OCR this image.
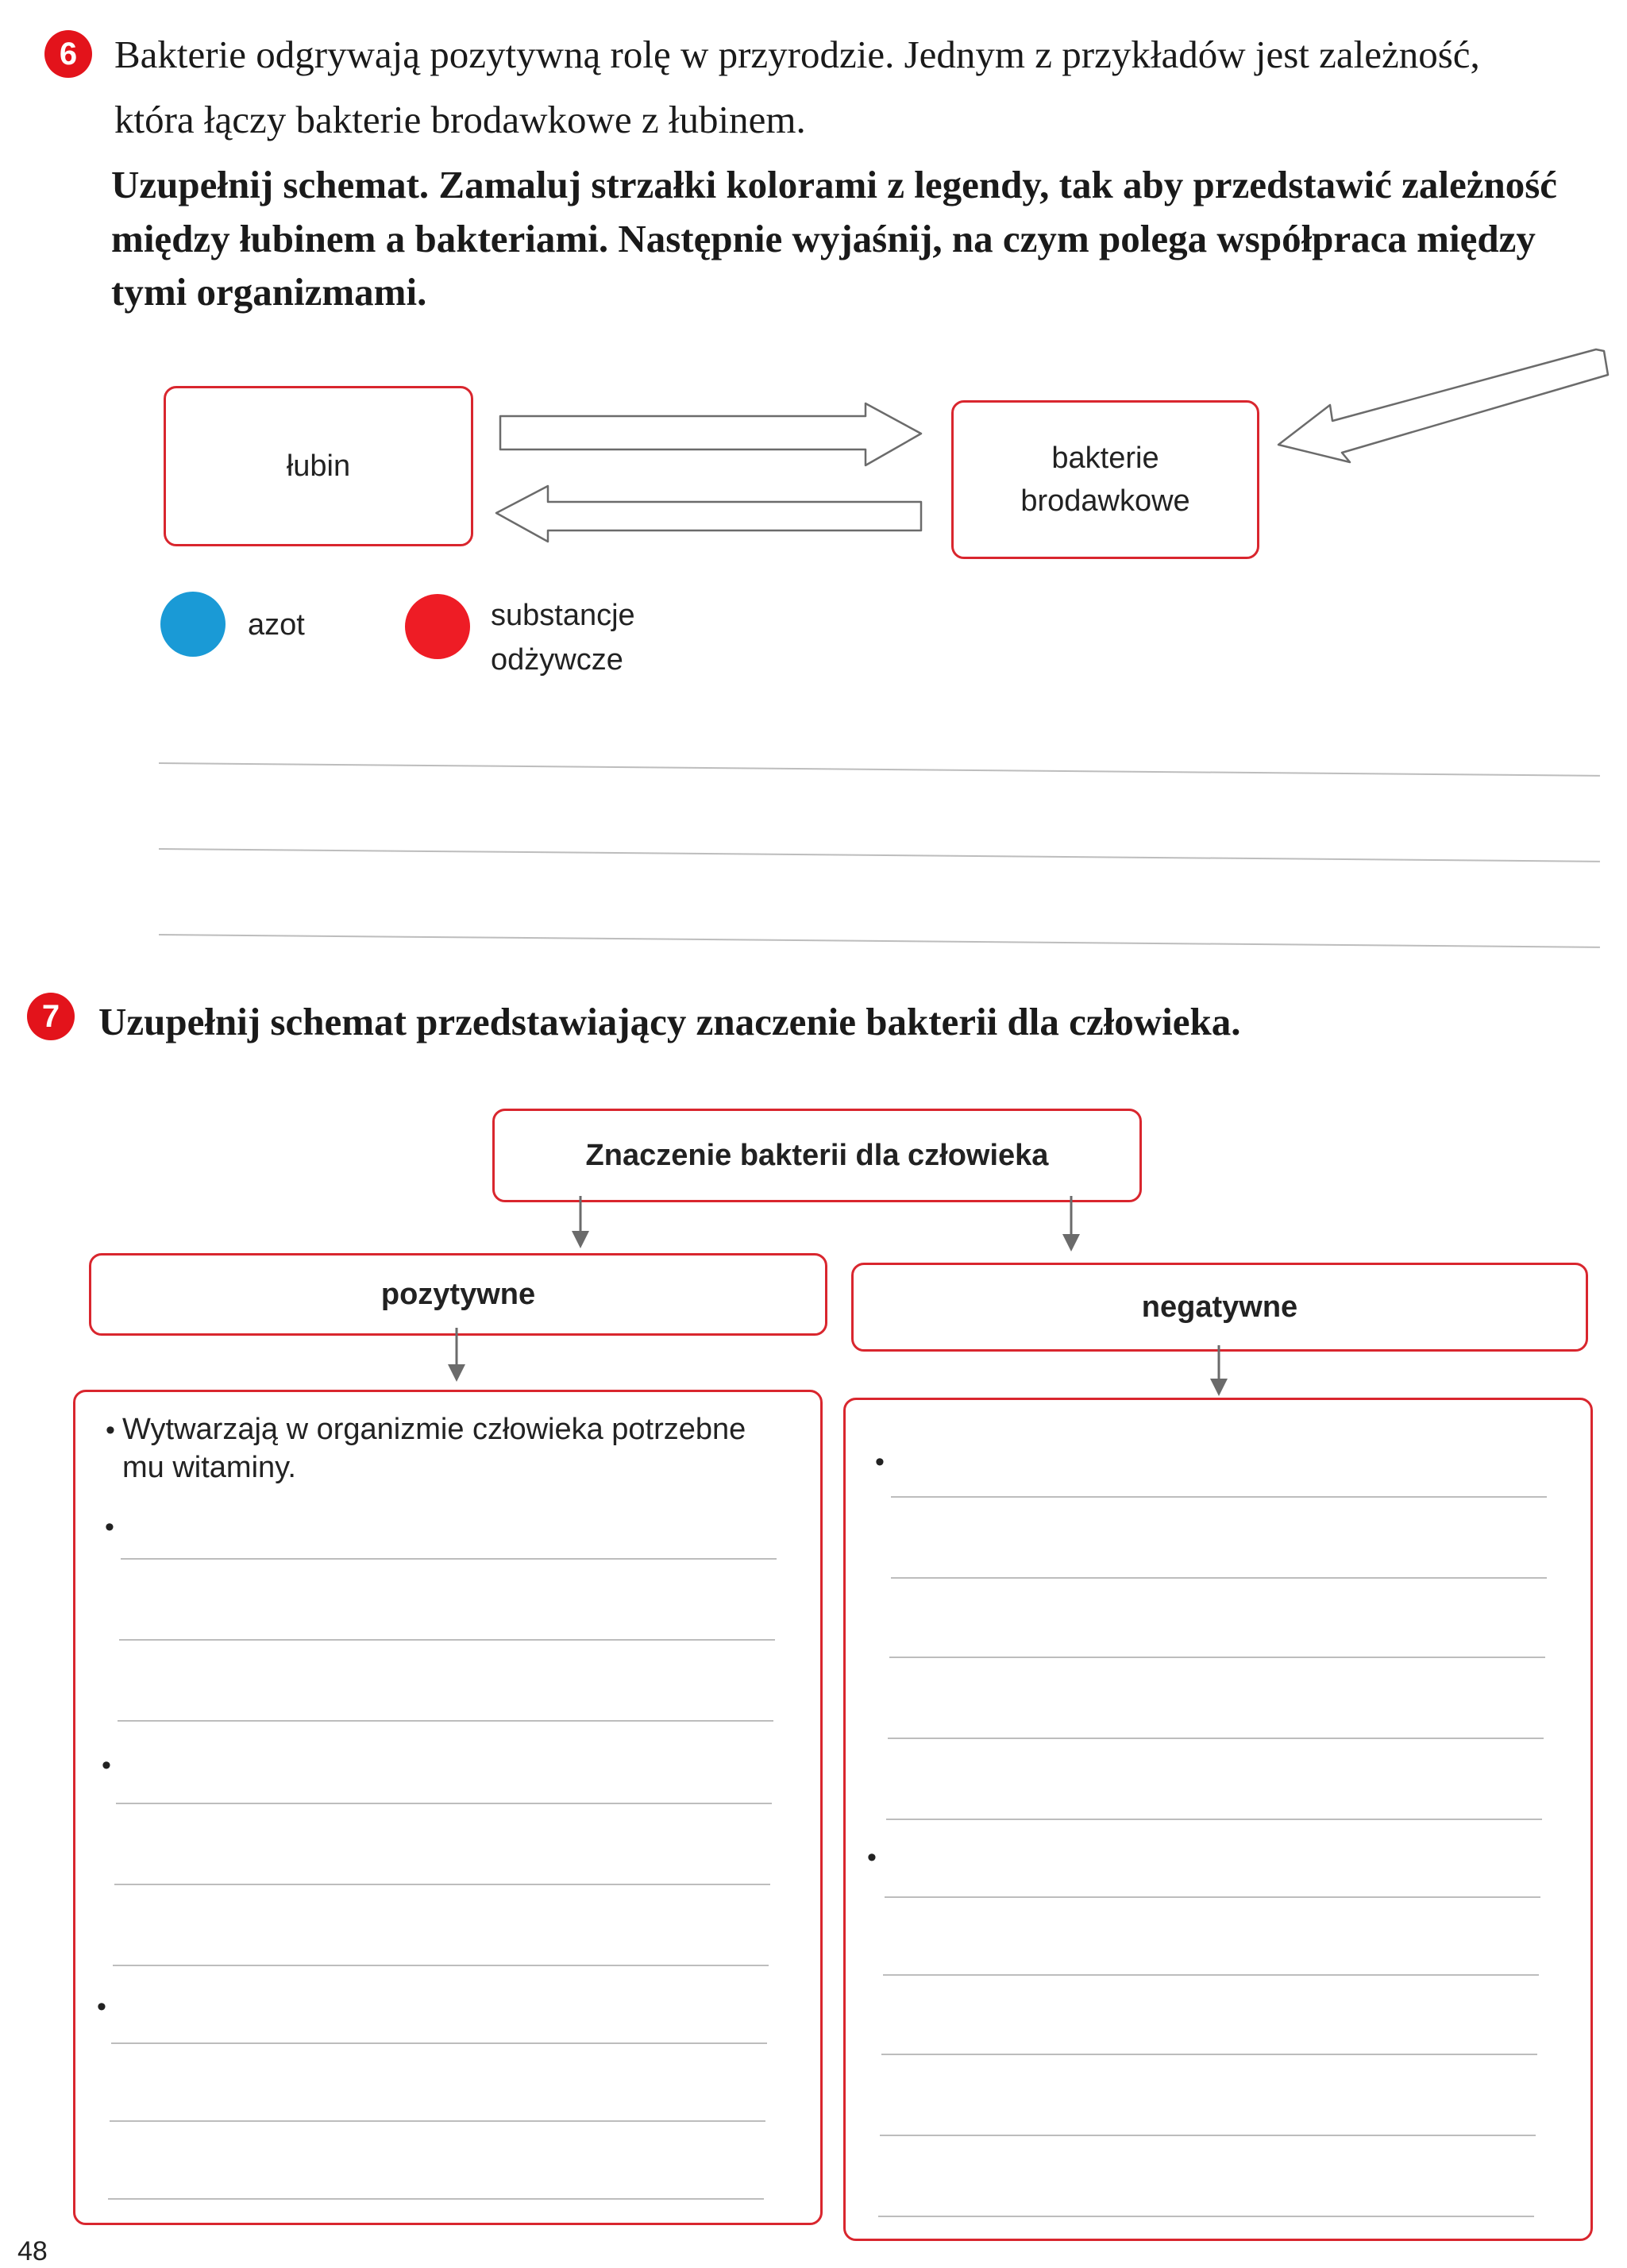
6 Bakterie odgrywają pozytywną rolę w przyrodzie. Jednym z przykładów jest zależność,
która łączy bakterie brodawkowe z łubinem.
Uzupełnij schemat. Zamaluj strzałki kolorami z legendy, tak aby przedstawić zależność
między łubinem a bakteriami. Następnie wyjaśnij, na czym polega współpraca między
tymi organizmami.
łubin	bakterie
brodawkowe
azot	substancje
odżywcze
7 Uzupełnij schemat przedstawiający znaczenie bakterii dla człowieka.
Znaczenie bakterii dla człowieka
pozytywne	negatywne
• Wytwarzają w organizmie człowieka potrzebne
mu witaminy.
•
•
•
•
•
48
